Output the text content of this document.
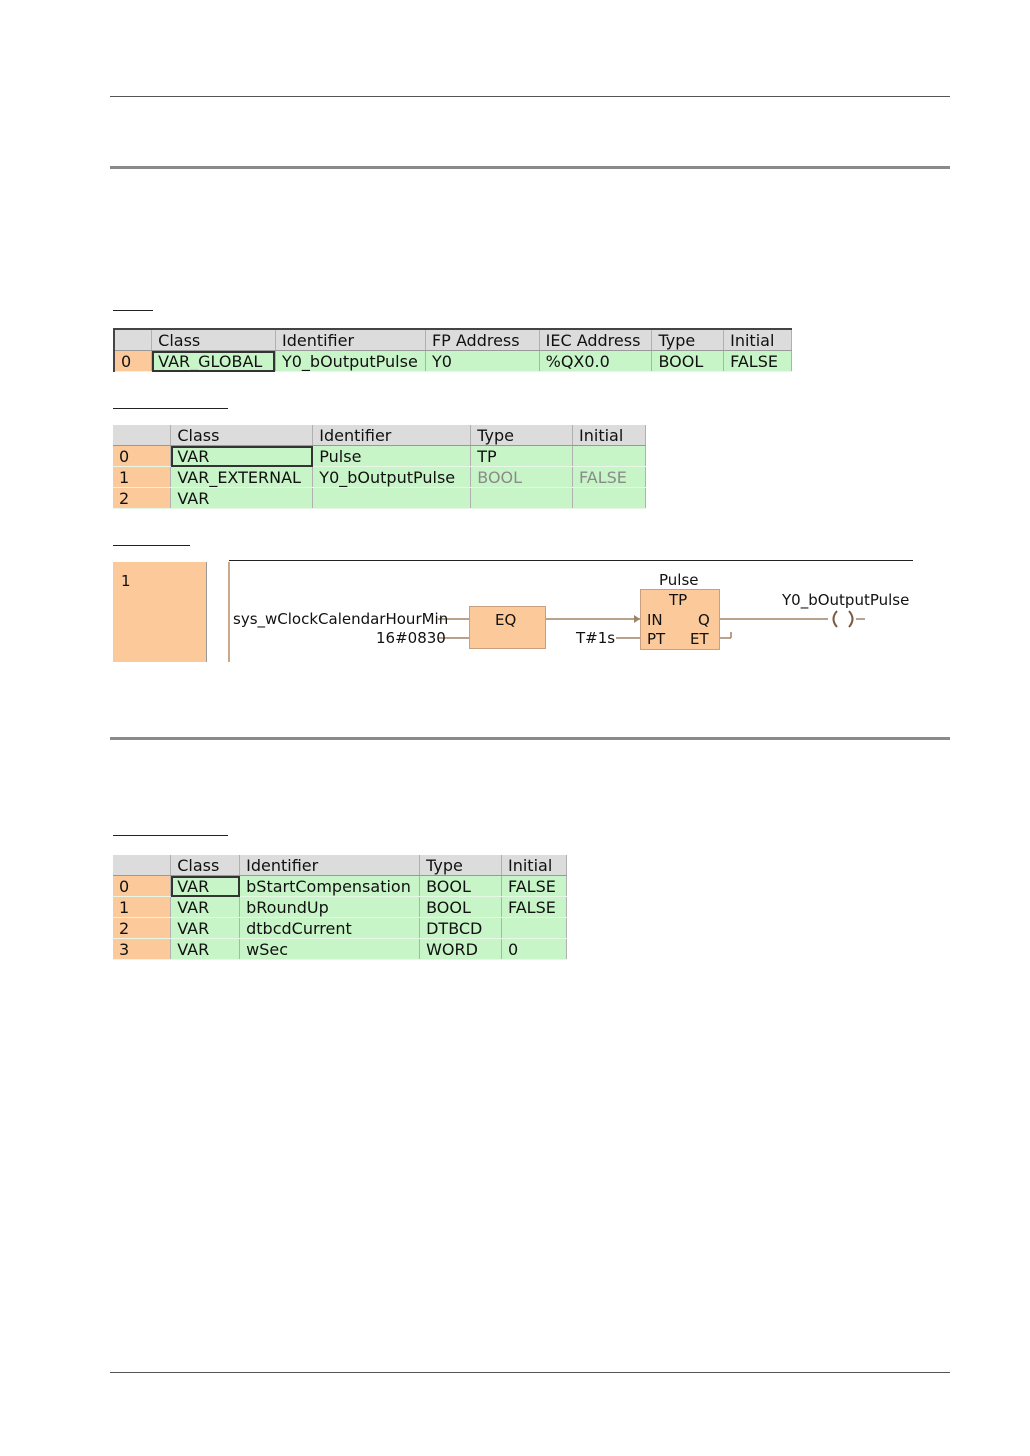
	Class	Identifier	FP Address	IEC Address	Type	Initial
0	VAR_GLOBAL	Y0_bOutputPulse	Y0	%QX0.0	BOOL	FALSE
	Class	Identifier	Type	Initial
0	VAR	Pulse	TP	
1	VAR_EXTERNAL	Y0_bOutputPulse	BOOL	FALSE
2	VAR			
1
sys_wClockCalendarHourMin
16#0830
EQ
T#1s
Pulse
TP
IN Q
PT ET
Y0_bOutputPulse
	Class	Identifier	Type	Initial
0	VAR	bStartCompensation	BOOL	FALSE
1	VAR	bRoundUp	BOOL	FALSE
2	VAR	dtbcdCurrent	DTBCD	
3	VAR	wSec	WORD	0
